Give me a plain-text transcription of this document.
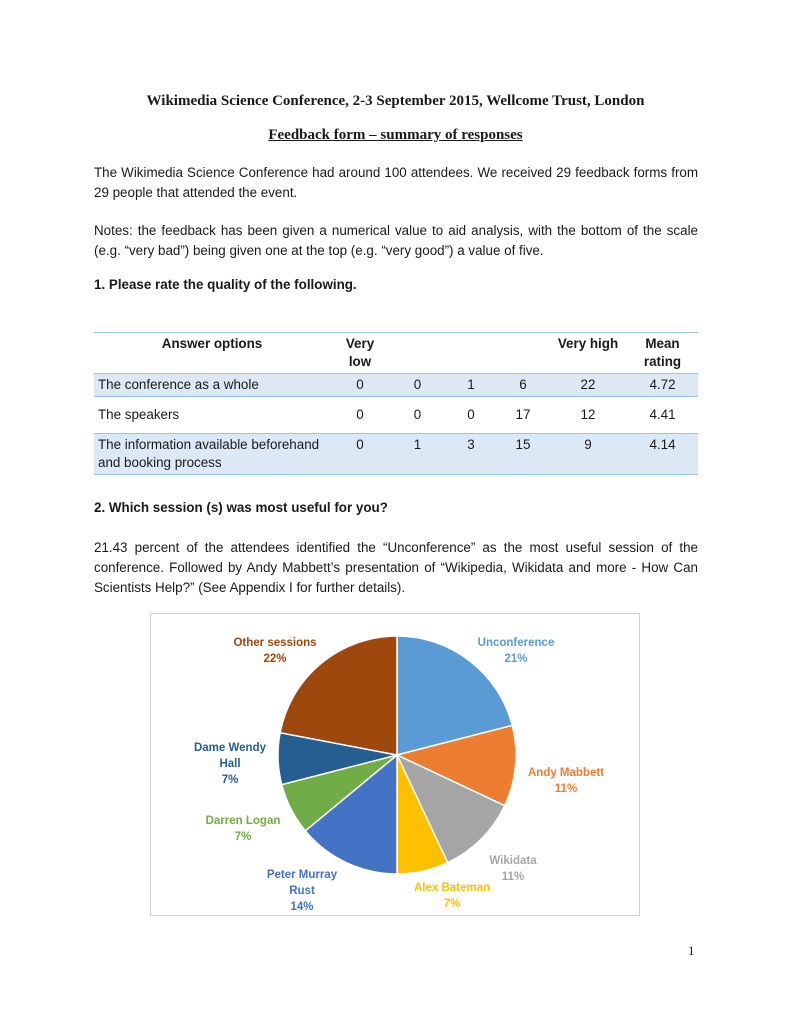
Wikimedia Science Conference, 2-3 September 2015, Wellcome Trust, London
Feedback form – summary of responses
The Wikimedia Science Conference had around 100 attendees. We received 29 feedback forms from 29 people that attended the event.
Notes: the feedback has been given a numerical value to aid analysis, with the bottom of the scale (e.g. “very bad”) being given one at the top (e.g. “very good”) a value of five.
1. Please rate the quality of the following.
Answer options	Very low				Very high	Mean rating
The conference as a whole	0	0	1	6	22	4.72
The speakers	0	0	0	17	12	4.41
The information available beforehand and booking process	0	1	3	15	9	4.14
2. Which session (s) was most useful for you?
21.43 percent of the attendees identified the “Unconference” as the most useful session of the conference. Followed by Andy Mabbett’s presentation of “Wikipedia, Wikidata and more - How Can Scientists Help?” (See Appendix I for further details).
Unconference 21%
Andy Mabbett 11%
Wikidata 11%
Alex Bateman 7%
Peter Murray Rust 14%
Darren Logan 7%
Dame Wendy Hall 7%
Other sessions 22%
1
